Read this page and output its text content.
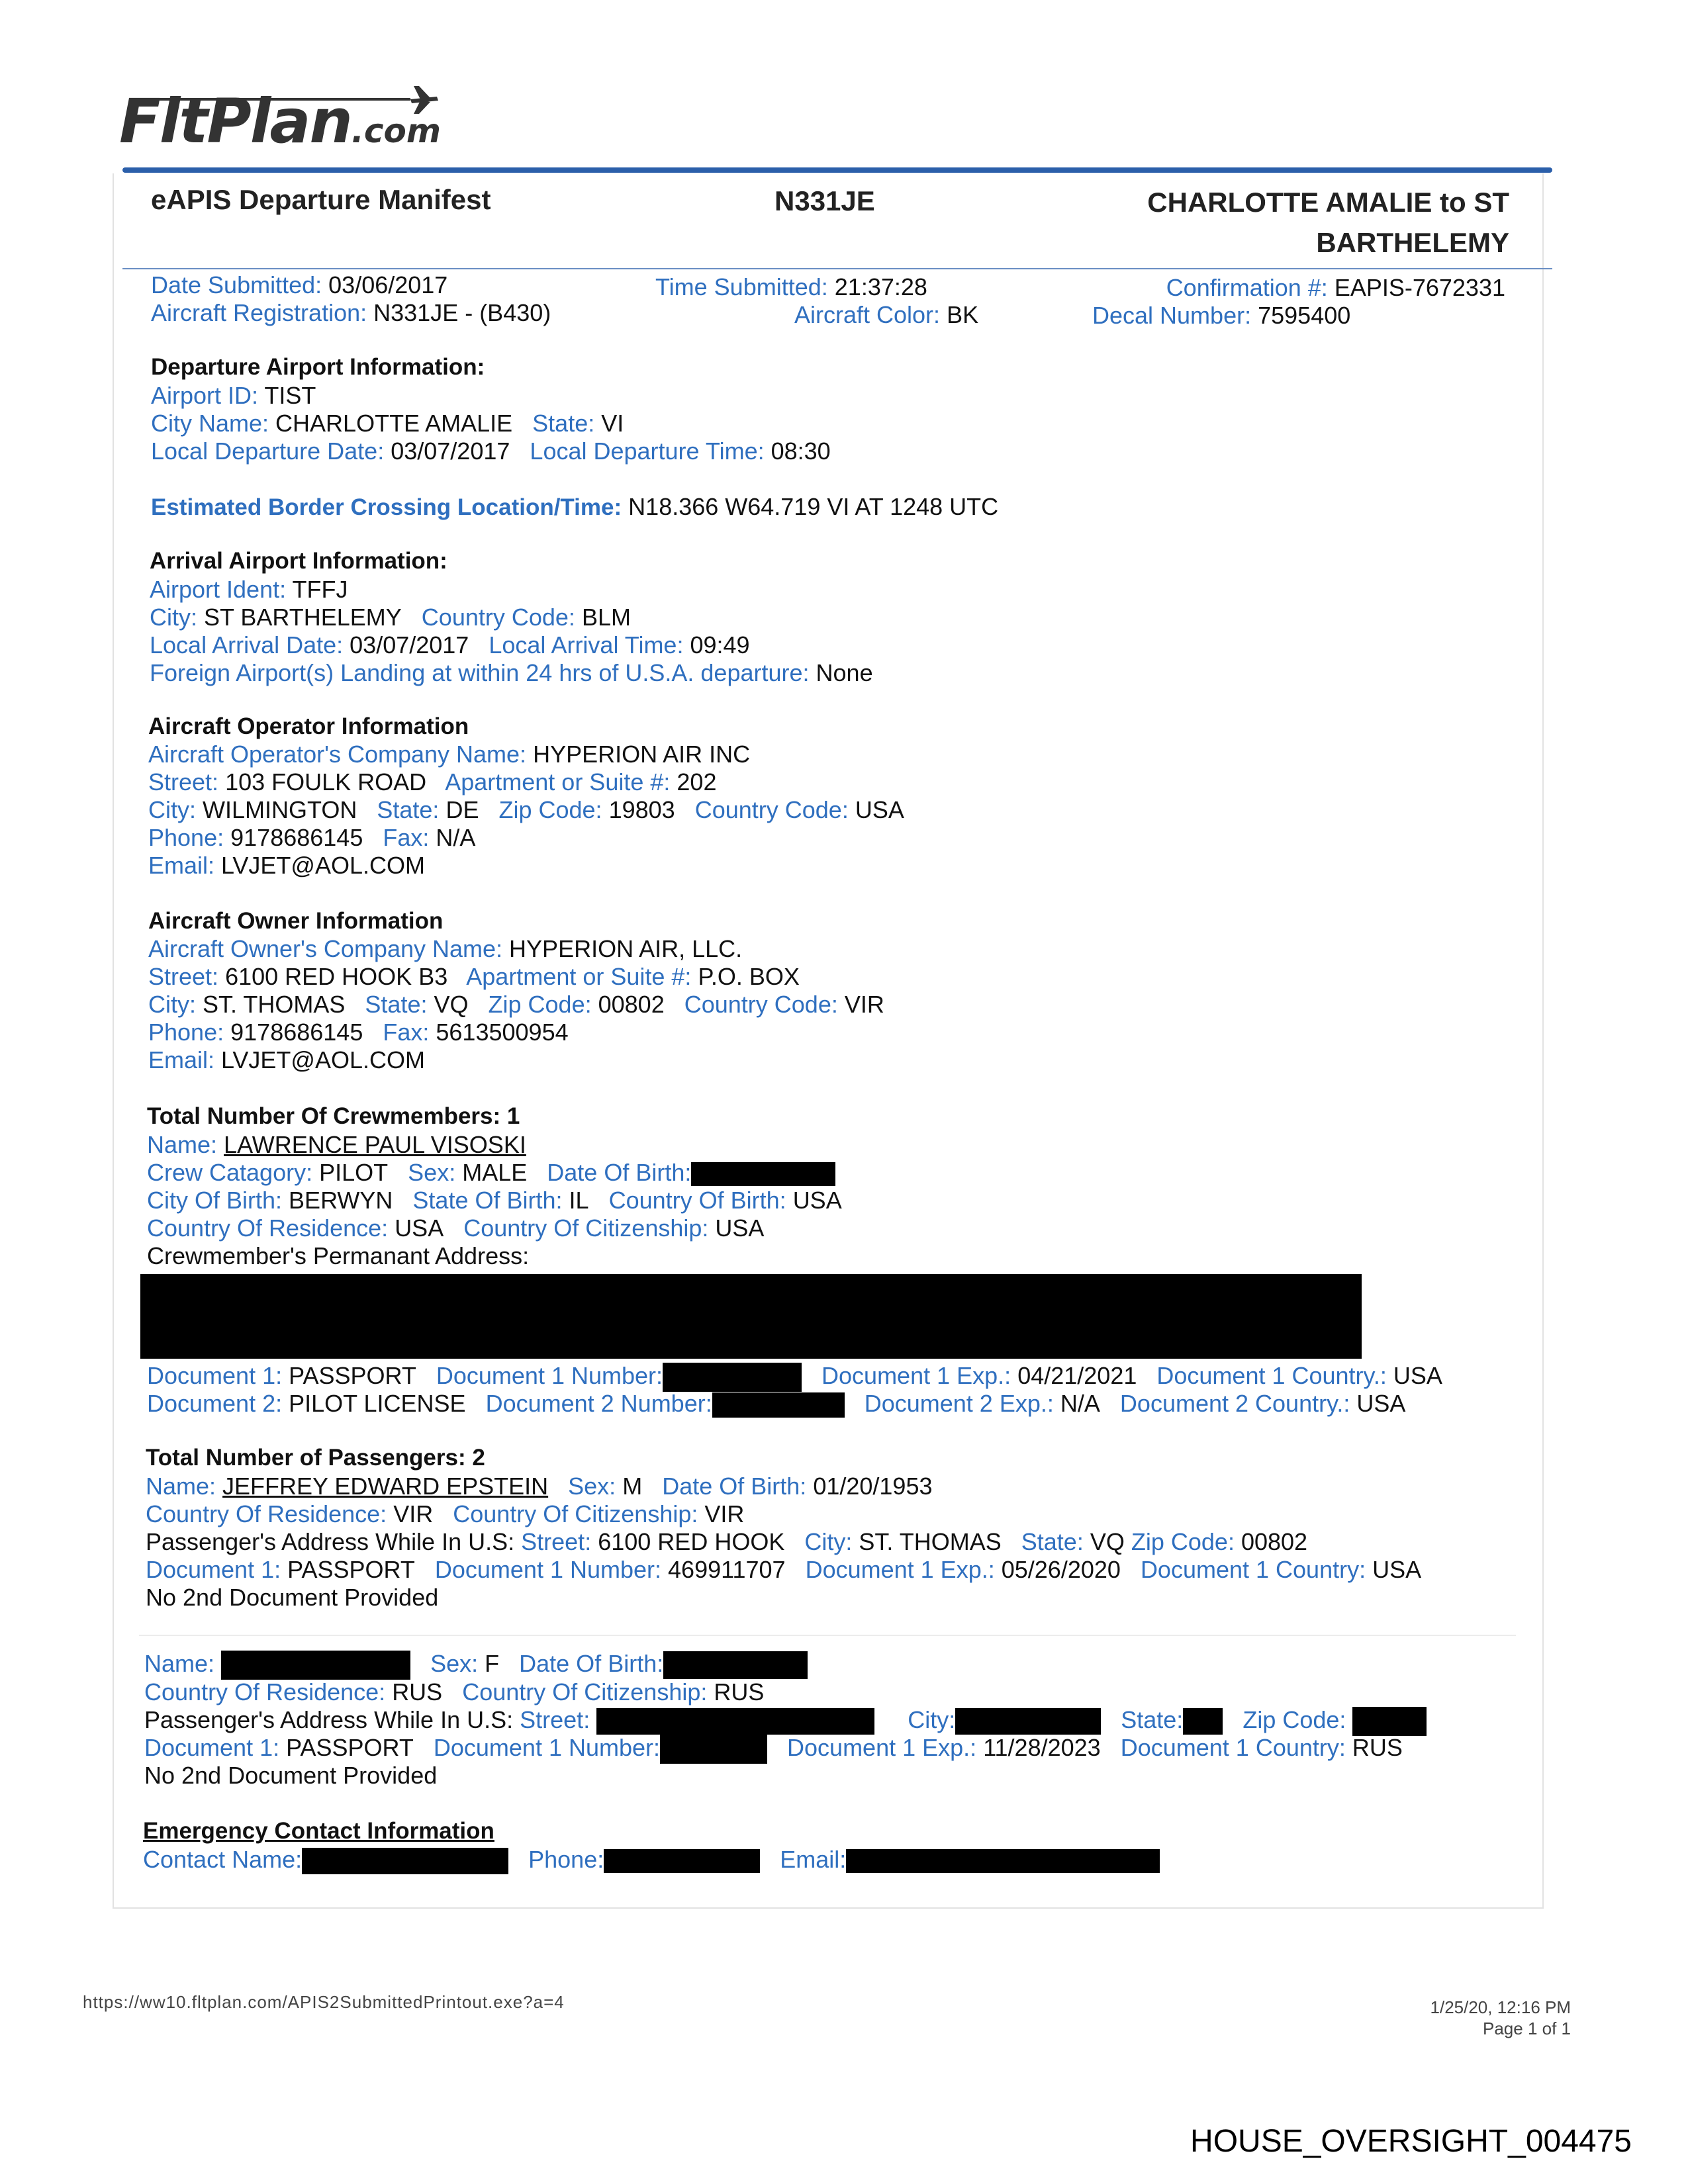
FltPlan.com
eAPIS Departure Manifest	N331JE	CHARLOTTE AMALIE to ST
BARTHELEMY
Date Submitted: 03/06/2017	Time Submitted: 21:37:28	Confirmation #: EAPIS-7672331
Aircraft Registration: N331JE - (B430)	Aircraft Color: BK	Decal Number: 7595400
Departure Airport Information:
Airport ID: TIST
City Name: CHARLOTTE AMALIE State: VI
Local Departure Date: 03/07/2017 Local Departure Time: 08:30
Estimated Border Crossing Location/Time: N18.366 W64.719 VI AT 1248 UTC
Arrival Airport Information:
Airport Ident: TFFJ
City: ST BARTHELEMY Country Code: BLM
Local Arrival Date: 03/07/2017 Local Arrival Time: 09:49
Foreign Airport(s) Landing at within 24 hrs of U.S.A. departure: None
Aircraft Operator Information
Aircraft Operator's Company Name: HYPERION AIR INC
Street: 103 FOULK ROAD Apartment or Suite #: 202
City: WILMINGTON State: DE Zip Code: 19803 Country Code: USA
Phone: 9178686145 Fax: N/A
Email: LVJET@AOL.COM
Aircraft Owner Information
Aircraft Owner's Company Name: HYPERION AIR, LLC.
Street: 6100 RED HOOK B3 Apartment or Suite #: P.O. BOX
City: ST. THOMAS State: VQ Zip Code: 00802 Country Code: VIR
Phone: 9178686145 Fax: 5613500954
Email: LVJET@AOL.COM
Total Number Of Crewmembers: 1
Name: LAWRENCE PAUL VISOSKI
Crew Catagory: PILOT Sex: MALE Date Of Birth:
City Of Birth: BERWYN State Of Birth: IL Country Of Birth: USA
Country Of Residence: USA Country Of Citizenship: USA
Crewmember's Permanant Address:
Document 1: PASSPORT Document 1 Number:	Document 1 Exp.: 04/21/2021 Document 1 Country.: USA
Document 2: PILOT LICENSE Document 2 Number:	Document 2 Exp.: N/A Document 2 Country.: USA
Total Number of Passengers: 2
Name: JEFFREY EDWARD EPSTEIN Sex: M Date Of Birth: 01/20/1953
Country Of Residence: VIR Country Of Citizenship: VIR
Passenger's Address While In U.S: Street: 6100 RED HOOK City: ST. THOMAS State: VQ Zip Code: 00802
Document 1: PASSPORT Document 1 Number: 469911707 Document 1 Exp.: 05/26/2020 Document 1 Country: USA
No 2nd Document Provided
Name:	Sex: F Date Of Birth:
Country Of Residence: RUS Country Of Citizenship: RUS
Passenger's Address While In U.S: Street:	City:	State:	Zip Code:
Document 1: PASSPORT Document 1 Number:	Document 1 Exp.: 11/28/2023 Document 1 Country: RUS
No 2nd Document Provided
Emergency Contact Information
Contact Name:	Phone:	Email:
https://ww10.fltplan.com/APIS2SubmittedPrintout.exe?a=4	1/25/20, 12:16 PM
Page 1 of 1
HOUSE_OVERSIGHT_004475
